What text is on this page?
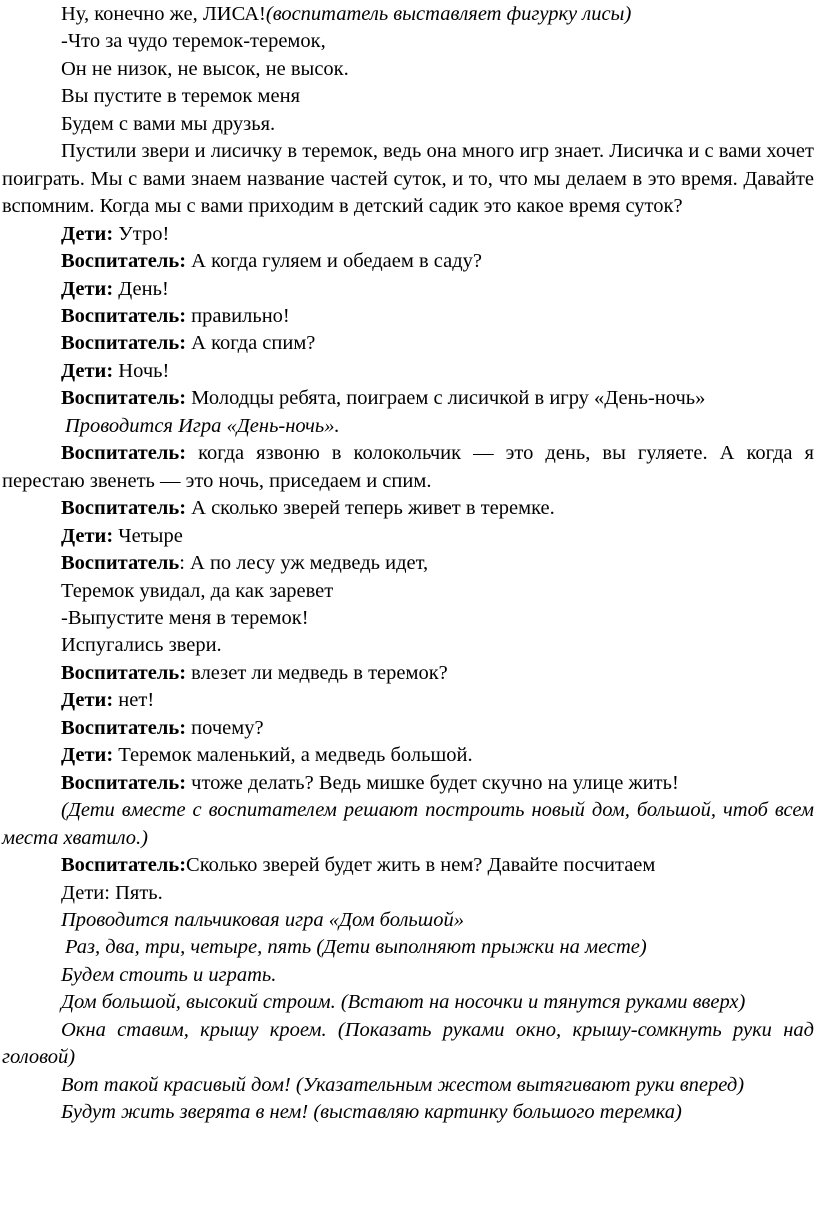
Ну, конечно же, ЛИСА!(воспитатель выставляет фигурку лисы)

-Что за чудо теремок-теремок,

Он не низок, не высок, не высок.

Вы пустите в теремок меня

Будем с вами мы друзья.

Пустили звери и лисичку в теремок, ведь она много игр знает. Лисичка и с вами хочет поиграть. Мы с вами знаем название частей суток, и то, что мы делаем в это время. Давайте вспомним. Когда мы с вами приходим в детский садик это какое время суток?

Дети: Утро!

Воспитатель: А когда гуляем и обедаем в саду?

Дети: День!

Воспитатель: правильно!

Воспитатель: А когда спим?

Дети: Ночь!

Воспитатель: Молодцы ребята, поиграем с лисичкой в игру «День-ночь»

Проводится Игра «День-ночь».

Воспитатель: когда язвоню в колокольчик — это день, вы гуляете. А когда я перестаю звенеть — это ночь, приседаем и спим.

Воспитатель: А сколько зверей теперь живет в теремке.

Дети: Четыре

Воспитатель: А по лесу уж медведь идет,

Теремок увидал, да как заревет

-Выпустите меня в теремок!

Испугались звери.

Воспитатель: влезет ли медведь в теремок?

Дети: нет!

Воспитатель: почему?

Дети: Теремок маленький, а медведь большой.

Воспитатель: чтоже делать? Ведь мишке будет скучно на улице жить!

(Дети вместе с воспитателем решают построить новый дом, большой, чтоб всем места хватило.)

Воспитатель:Сколько зверей будет жить в нем? Давайте посчитаем

Дети: Пять.

Проводится пальчиковая игра «Дом большой»

Раз, два, три, четыре, пять (Дети выполняют прыжки на месте)

Будем стоить и играть.

Дом большой, высокий строим. (Встают на носочки и тянутся руками вверх)

Окна ставим, крышу кроем. (Показать руками окно, крышу-сомкнуть руки над головой)

Вот такой красивый дом! (Указательным жестом вытягивают руки вперед)

Будут жить зверята в нем! (выставляю картинку большого теремка)
